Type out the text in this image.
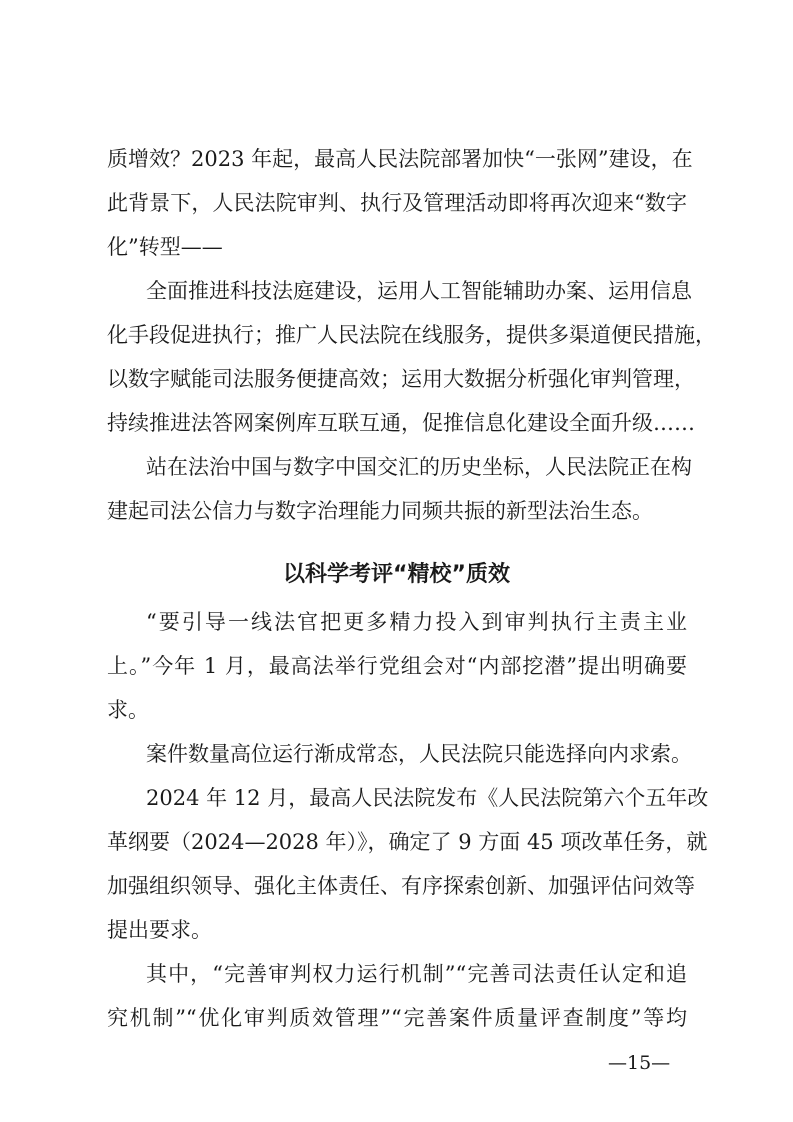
质增效？2023 年起，最高人民法院部署加快“一张网”建设，在
此背景下，人民法院审判、执行及管理活动即将再次迎来“数字
化”转型——
全面推进科技法庭建设，运用人工智能辅助办案、运用信息
化手段促进执行；推广人民法院在线服务，提供多渠道便民措施，
以数字赋能司法服务便捷高效；运用大数据分析强化审判管理，
持续推进法答网案例库互联互通，促推信息化建设全面升级……
站在法治中国与数字中国交汇的历史坐标，人民法院正在构
建起司法公信力与数字治理能力同频共振的新型法治生态。
以科学考评“精校”质效
“要引导一线法官把更多精力投入到审判执行主责主业
上。”今年 1 月，最高法举行党组会对“内部挖潜”提出明确要
求。
案件数量高位运行渐成常态，人民法院只能选择向内求索。
2024 年 12 月，最高人民法院发布《人民法院第六个五年改
革纲要（2024—2028 年）》，确定了 9 方面 45 项改革任务，就
加强组织领导、强化主体责任、有序探索创新、加强评估问效等
提出要求。
其中，“完善审判权力运行机制”“完善司法责任认定和追
究机制”“优化审判质效管理”“完善案件质量评查制度”等均
—15—
